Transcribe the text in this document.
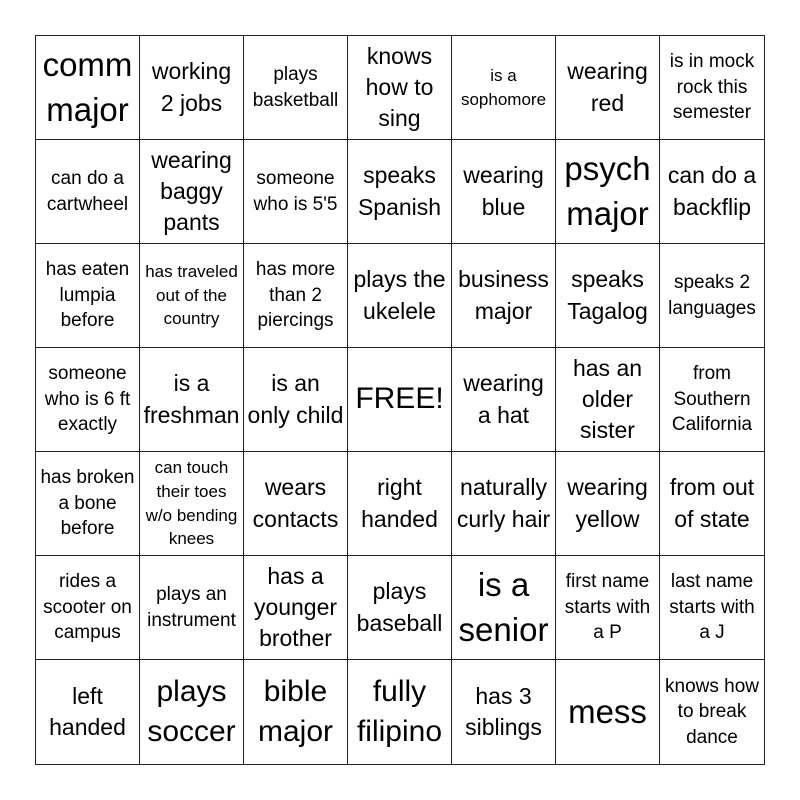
comm major
working 2 jobs
plays basketball
knows how to sing
is a sophomore
wearing red
is in mock rock this semester
can do a cartwheel
wearing baggy pants
someone who is 5'5
speaks Spanish
wearing blue
psych major
can do a backflip
has eaten lumpia before
has traveled out of the country
has more than 2 piercings
plays the ukelele
business major
speaks Tagalog
speaks 2 languages
someone who is 6 ft exactly
is a freshman
is an only child FREE! wearing a hat
has an older sister
from Southern California
has broken a bone before
can touch their toes w/o bending knees
wears contacts
right handed
naturally curly hair
wearing yellow
from out of state
rides a scooter on campus
plays an instrument
has a younger brother
plays baseball
is a senior
first name starts with a P
last name starts with a J
left handed
plays soccer
bible major
fully filipino
has 3 siblings mess
knows how to break dance
